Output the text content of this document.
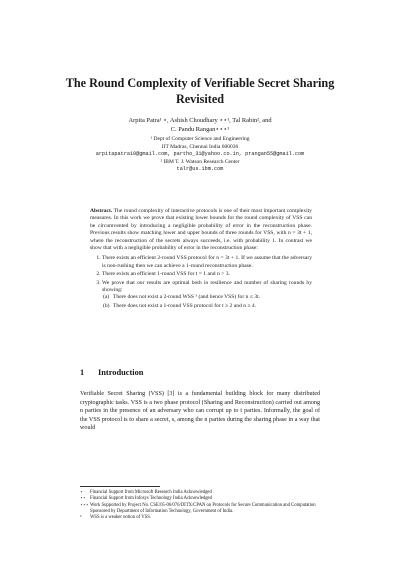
The Round Complexity of Verifiable Secret Sharing Revisited
Arpita Patra¹ ⋆, Ashish Choudhary ⋆⋆¹, Tal Rabin², and
C. Pandu Rangan⋆⋆⋆¹
¹ Dept of Computer Science and Engineering
IIT Madras, Chennai India 600036
arpitapatra10@gmail.com, partho_31@yahoo.co.in, prangan55@gmail.com
² IBM T. J. Watson Research Center
talr@us.ibm.com
Abstract. The round complexity of interactive protocols is one of their most important complexity measures. In this work we prove that existing lower bounds for the round complexity of VSS can be circumvented by introducing a negligible probability of error in the reconstruction phase. Previous results show matching lower and upper bounds of three rounds for VSS, with n = 3t + 1, where the reconstruction of the secrets always succeeds, i.e. with probability 1. In contrast we show that with a negligible probability of error in the reconstruction phase:
1. There exists an efficient 2-round VSS protocol for n = 3t + 1. If we assume that the adversary is non-rushing then we can achieve a 1-round reconstruction phase.
2. There exists an efficient 1-round VSS for t = 1 and n > 3.
3. We prove that our results are optimal both in resilience and number of sharing rounds by showing:
(a) There does not exist a 2-round WSS ³ (and hence VSS) for n ≤ 3t.
(b) There does not exist a 1-round VSS protocol for t ≥ 2 and n ≥ 4.
1 Introduction
Verifiable Secret Sharing (VSS) [3] is a fundamental building block for many distributed cryptographic tasks. VSS is a two phase protocol (Sharing and Reconstruction) carried out among n parties in the presence of an adversary who can corrupt up to t parties. Informally, the goal of the VSS protocol is to share a secret, s, among the n parties during the sharing phase in a way that would
⋆ Financial Support from Microsoft Research India Acknowledged
⋆⋆ Financial Support from Infosys Technology India Acknowledged
⋆⋆⋆ Work Supported by Project No. CSE/05-06/076/DITX/CPAN on Protocols for Secure Communication and Computation Sponsored by Department of Information Technology, Government of India.
³ WSS is a weaker notion of VSS.
